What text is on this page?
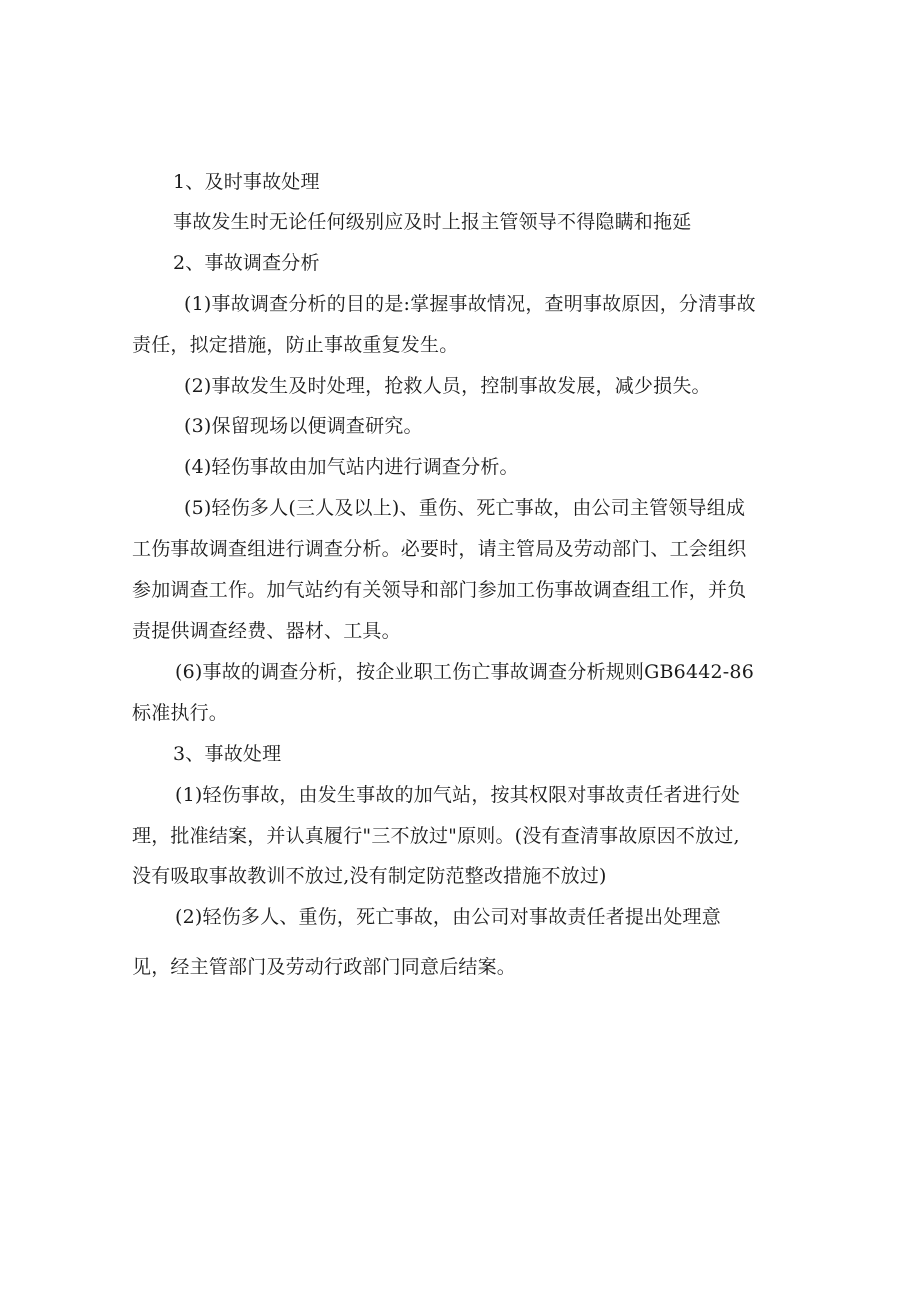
1、及时事故处理
事故发生时无论任何级别应及时上报主管领导不得隐瞒和拖延
2、事故调查分析
(1)事故调查分析的目的是:掌握事故情况，查明事故原因，分清事故
责任，拟定措施，防止事故重复发生。
(2)事故发生及时处理，抢救人员，控制事故发展，减少损失。
(3)保留现场以便调查研究。
(4)轻伤事故由加气站内进行调查分析。
(5)轻伤多人(三人及以上)、重伤、死亡事故，由公司主管领导组成
工伤事故调查组进行调查分析。必要时，请主管局及劳动部门、工会组织
参加调查工作。加气站约有关领导和部门参加工伤事故调查组工作，并负
责提供调查经费、器材、工具。
(6)事故的调查分析，按企业职工伤亡事故调查分析规则GB6442-86
标准执行。
3、事故处理
(1)轻伤事故，由发生事故的加气站，按其权限对事故责任者进行处
理，批准结案，并认真履行"三不放过"原则。(没有查清事故原因不放过,
没有吸取事故教训不放过,没有制定防范整改措施不放过)
(2)轻伤多人、重伤，死亡事故，由公司对事故责任者提出处理意
见，经主管部门及劳动行政部门同意后结案。
